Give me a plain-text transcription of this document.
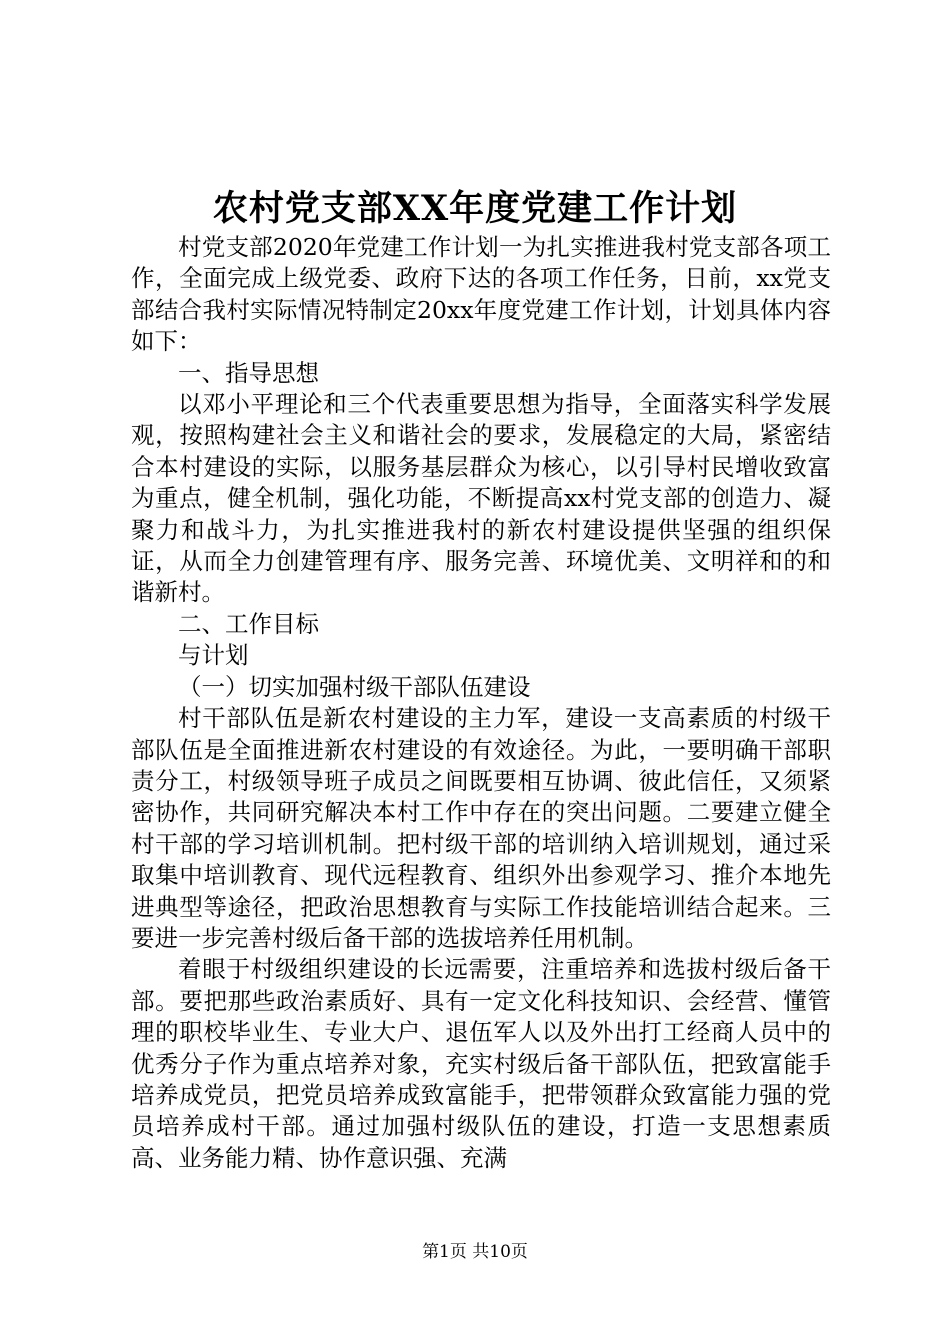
农村党支部XX年度党建工作计划

村党支部2020年党建工作计划一为扎实推进我村党支部各项工作，全面完成上级党委、政府下达的各项工作任务，日前，xx党支部结合我村实际情况特制定20xx年度党建工作计划，计划具体内容如下：

一、指导思想

以邓小平理论和三个代表重要思想为指导，全面落实科学发展观，按照构建社会主义和谐社会的要求，发展稳定的大局，紧密结合本村建设的实际，以服务基层群众为核心，以引导村民增收致富为重点，健全机制，强化功能，不断提高xx村党支部的创造力、凝聚力和战斗力，为扎实推进我村的新农村建设提供坚强的组织保证，从而全力创建管理有序、服务完善、环境优美、文明祥和的和谐新村。

二、工作目标

与计划

（一）切实加强村级干部队伍建设

村干部队伍是新农村建设的主力军，建设一支高素质的村级干部队伍是全面推进新农村建设的有效途径。为此，一要明确干部职责分工，村级领导班子成员之间既要相互协调、彼此信任，又须紧密协作，共同研究解决本村工作中存在的突出问题。二要建立健全村干部的学习培训机制。把村级干部的培训纳入培训规划，通过采取集中培训教育、现代远程教育、组织外出参观学习、推介本地先进典型等途径，把政治思想教育与实际工作技能培训结合起来。三要进一步完善村级后备干部的选拔培养任用机制。

着眼于村级组织建设的长远需要，注重培养和选拔村级后备干部。要把那些政治素质好、具有一定文化科技知识、会经营、懂管理的职校毕业生、专业大户、退伍军人以及外出打工经商人员中的优秀分子作为重点培养对象，充实村级后备干部队伍，把致富能手培养成党员，把党员培养成致富能手，把带领群众致富能力强的党员培养成村干部。通过加强村级队伍的建设，打造一支思想素质高、业务能力精、协作意识强、充满

第1页 共10页
